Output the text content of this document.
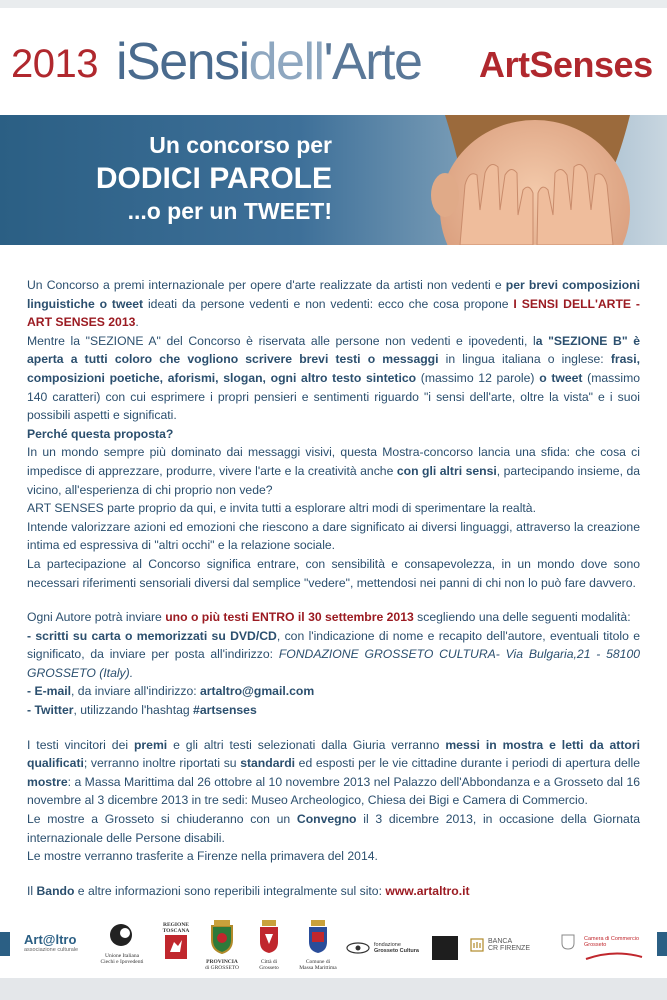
2013 iSensidell'Arte ArtSenses
Un concorso per
DODICI PAROLE
...o per un TWEET!

Un Concorso a premi internazionale per opere d'arte realizzate da artisti non vedenti e per brevi composizioni linguistiche o tweet ideati da persone vedenti e non vedenti: ecco che cosa propone I SENSI DELL'ARTE - ART SENSES 2013.

Mentre la "SEZIONE A" del Concorso è riservata alle persone non vedenti e ipovedenti, la "SEZIONE B" è aperta a tutti coloro che vogliono scrivere brevi testi o messaggi in lingua italiana o inglese: frasi, composizioni poetiche, aforismi, slogan, ogni altro testo sintetico (massimo 12 parole) o tweet (massimo 140 caratteri) con cui esprimere i propri pensieri e sentimenti riguardo "i sensi dell'arte, oltre la vista" e i suoi possibili aspetti e significati.

Perché questa proposta?

In un mondo sempre più dominato dai messaggi visivi, questa Mostra-concorso lancia una sfida: che cosa ci impedisce di apprezzare, produrre, vivere l'arte e la creatività anche con gli altri sensi, partecipando insieme, da vicino, all'esperienza di chi proprio non vede?

ART SENSES parte proprio da qui, e invita tutti a esplorare altri modi di sperimentare la realtà.

Intende valorizzare azioni ed emozioni che riescono a dare significato ai diversi linguaggi, attraverso la creazione intima ed espressiva di "altri occhi" e la relazione sociale.

La partecipazione al Concorso significa entrare, con sensibilità e consapevolezza, in un mondo dove sono necessari riferimenti sensoriali diversi dal semplice "vedere", mettendosi nei panni di chi non lo può fare davvero.

Ogni Autore potrà inviare uno o più testi ENTRO il 30 settembre 2013 scegliendo una delle seguenti modalità:

- scritti su carta o memorizzati su DVD/CD, con l'indicazione di nome e recapito dell'autore, eventuali titolo e significato, da inviare per posta all'indirizzo: FONDAZIONE GROSSETO CULTURA- Via Bulgaria,21 - 58100 GROSSETO (Italy).

- E-mail, da inviare all'indirizzo: artaltro@gmail.com

- Twitter, utilizzando l'hashtag #artsenses

I testi vincitori dei premi e gli altri testi selezionati dalla Giuria verranno messi in mostra e letti da attori qualificati; verranno inoltre riportati su standardi ed esposti per le vie cittadine durante i periodi di apertura delle mostre: a Massa Marittima dal 26 ottobre al 10 novembre 2013 nel Palazzo dell'Abbondanza e a Grosseto dal 16 novembre al 3 dicembre 2013 in tre sedi: Museo Archeologico, Chiesa dei Bigi e Camera di Commercio.

Le mostre a Grosseto si chiuderanno con un Convegno il 3 dicembre 2013, in occasione della Giornata internazionale delle Persone disabili.

Le mostre verranno trasferite a Firenze nella primavera del 2014.

Il Bando e altre informazioni sono reperibili integralmente sul sito: www.artaltro.it

Art@ltro
associazione culturale
Unione Italiana
Ciechi e Ipovedenti
REGIONE
TOSCANA
PROVINCIA
di GROSSETO
Città di
Grosseto
Comune di
Massa Marittima
fondazione
Grosseto Cultura
BANCA
CR FIRENZE
Camera di Commercio
Grosseto
